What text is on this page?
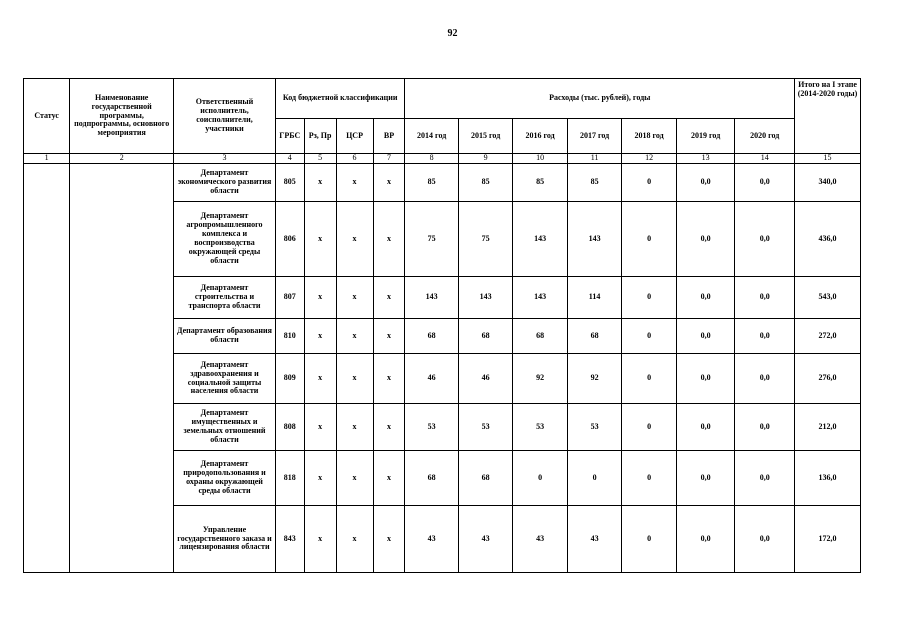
92
Статус	Наименование государственной программы, подпрограммы, основного мероприятия	Ответственный исполнитель, соисполнители, участники	Код бюджетной классификации				Расходы (тыс. рублей), годы							Итого на I этапе (2014-2020 годы)
			ГРБС	Рз, Пр	ЦСР	ВР	2014 год	2015 год	2016 год	2017 год	2018 год	2019 год	2020 год	
1	2	3	4	5	6	7	8	9	10	11	12	13	14	15
		Департамент экономического развития области	805	х	х	х	85	85	85	85	0	0,0	0,0	340,0
		Департамент агропромышленного комплекса и воспроизводства окружающей среды области	806	х	х	х	75	75	143	143	0	0,0	0,0	436,0
		Департамент строительства и транспорта области	807	х	х	х	143	143	143	114	0	0,0	0,0	543,0
		Департамент образования области	810	х	х	х	68	68	68	68	0	0,0	0,0	272,0
		Департамент здравоохранения и социальной защиты населения области	809	х	х	х	46	46	92	92	0	0,0	0,0	276,0
		Департамент имущественных и земельных отношений области	808	х	х	х	53	53	53	53	0	0,0	0,0	212,0
		Департамент природопользования и охраны окружающей среды области	818	х	х	х	68	68	0	0	0	0,0	0,0	136,0
		Управление государственного заказа и лицензирования области	843	х	х	х	43	43	43	43	0	0,0	0,0	172,0
